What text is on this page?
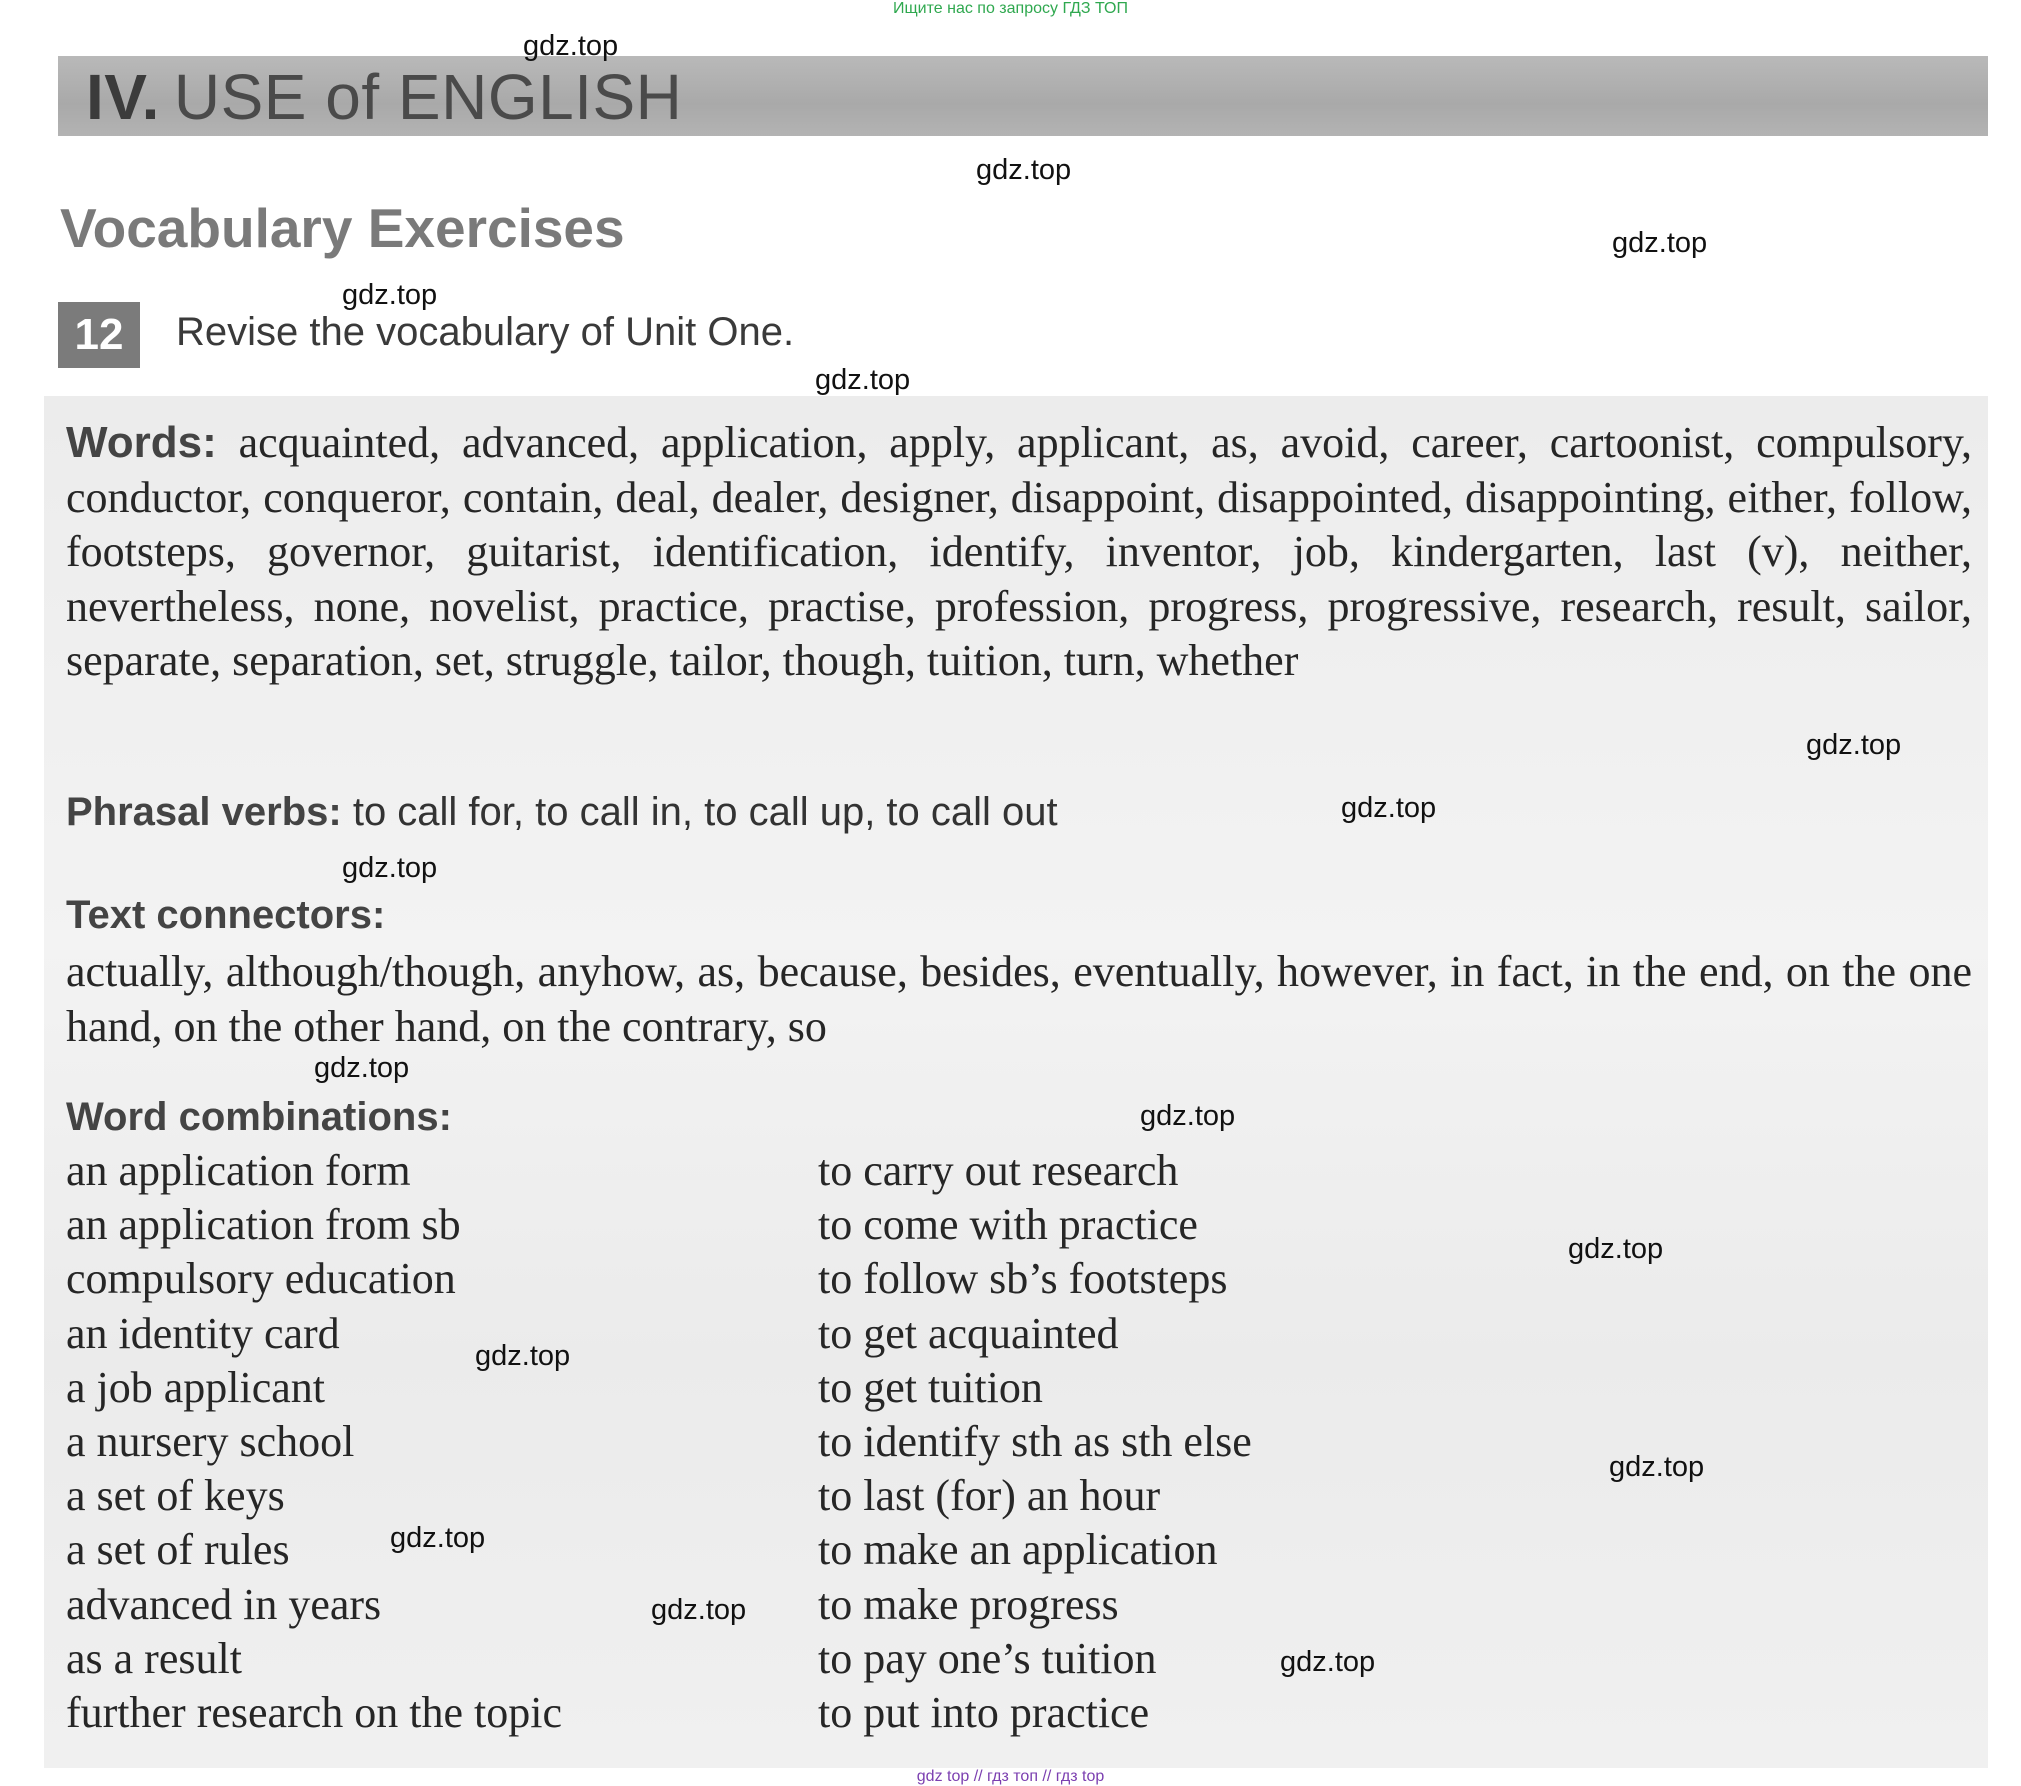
Ищите нас по запросу ГДЗ ТОП
IV. USE of ENGLISH
Vocabulary Exercises
12	Revise the vocabulary of Unit One.
Words: acquainted, advanced, application, apply, applicant, as, avoid, career, cartoonist, compulsory, conductor, conqueror, contain, deal, dealer, designer, disappoint, disappointed, disappointing, either, follow, footsteps, governor, guitarist, identification, identify, inventor, job, kindergarten, last (v), neither, nevertheless, none, novelist, practice, practise, profession, progress, progressive, research, result, sailor, separate, separation, set, struggle, tailor, though, tuition, turn, whether
Phrasal verbs: to call for, to call in, to call up, to call out
Text connectors:
actually, although/though, anyhow, as, because, besides, eventually, however, in fact, in the end, on the one hand, on the other hand, on the contrary, so
Word combinations:
an application form
an application from sb
compulsory education
an identity card
a job applicant
a nursery school
a set of keys
a set of rules
advanced in years
as a result
further research on the topic
to carry out research
to come with practice
to follow sb’s footsteps
to get acquainted
to get tuition
to identify sth as sth else
to last (for) an hour
to make an application
to make progress
to pay one’s tuition
to put into practice
gdz.top
gdz.top
gdz.top
gdz.top
gdz.top
gdz.top
gdz.top
gdz.top
gdz.top
gdz.top
gdz.top
gdz.top
gdz.top
gdz.top
gdz.top
gdz.top
gdz top // гдз топ // гдз top
